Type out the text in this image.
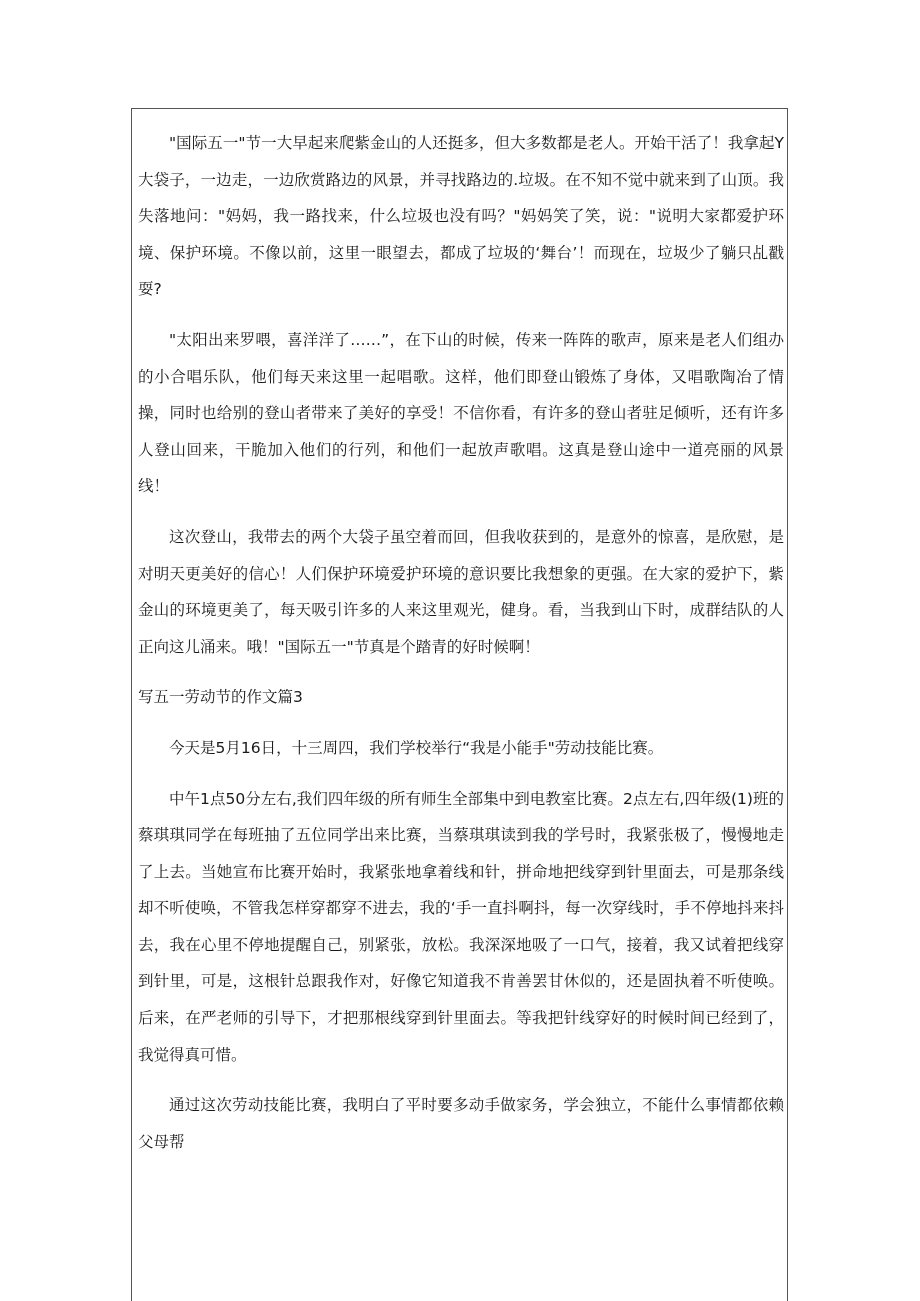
"国际五一"节一大早起来爬紫金山的人还挺多，但大多数都是老人。开始干活了！我拿起Y大袋子，一边走，一边欣赏路边的风景，并寻找路边的.垃圾。在不知不觉中就来到了山顶。我失落地问："妈妈，我一路找来，什么垃圾也没有吗？"妈妈笑了笑，说："说明大家都爱护环境、保护环境。不像以前，这里一眼望去，都成了垃圾的‘舞台’！而现在，垃圾少了躺只乩戳耍?

"太阳出来罗喂，喜洋洋了……”，在下山的时候，传来一阵阵的歌声，原来是老人们组办的小合唱乐队，他们每天来这里一起唱歌。这样，他们即登山锻炼了身体，又唱歌陶冶了情操，同时也给别的登山者带来了美好的享受！不信你看，有许多的登山者驻足倾听，还有许多人登山回来，干脆加入他们的行列，和他们一起放声歌唱。这真是登山途中一道亮丽的风景线！

这次登山，我带去的两个大袋子虽空着而回，但我收获到的，是意外的惊喜，是欣慰，是对明天更美好的信心！人们保护环境爱护环境的意识要比我想象的更强。在大家的爱护下，紫金山的环境更美了，每天吸引许多的人来这里观光，健身。看，当我到山下时，成群结队的人正向这儿涌来。哦！"国际五一"节真是个踏青的好时候啊！

写五一劳动节的作文篇3

今天是5月16日，十三周四，我们学校举行“我是小能手"劳动技能比赛。

中午1点50分左右,我们四年级的所有师生全部集中到电教室比赛。2点左右,四年级(1)班的蔡琪琪同学在每班抽了五位同学出来比赛，当蔡琪琪读到我的学号时，我紧张极了，慢慢地走了上去。当她宣布比赛开始时，我紧张地拿着线和针，拼命地把线穿到针里面去，可是那条线却不听使唤，不管我怎样穿都穿不进去，我的‘手一直抖啊抖，每一次穿线时，手不停地抖来抖去，我在心里不停地提醒自己，别紧张，放松。我深深地吸了一口气，接着，我又试着把线穿到针里，可是，这根针总跟我作对，好像它知道我不肯善罢甘休似的，还是固执着不听使唤。后来，在严老师的引导下，才把那根线穿到针里面去。等我把针线穿好的时候时间已经到了，我觉得真可惜。

通过这次劳动技能比赛，我明白了平时要多动手做家务，学会独立，不能什么事情都依赖父母帮
